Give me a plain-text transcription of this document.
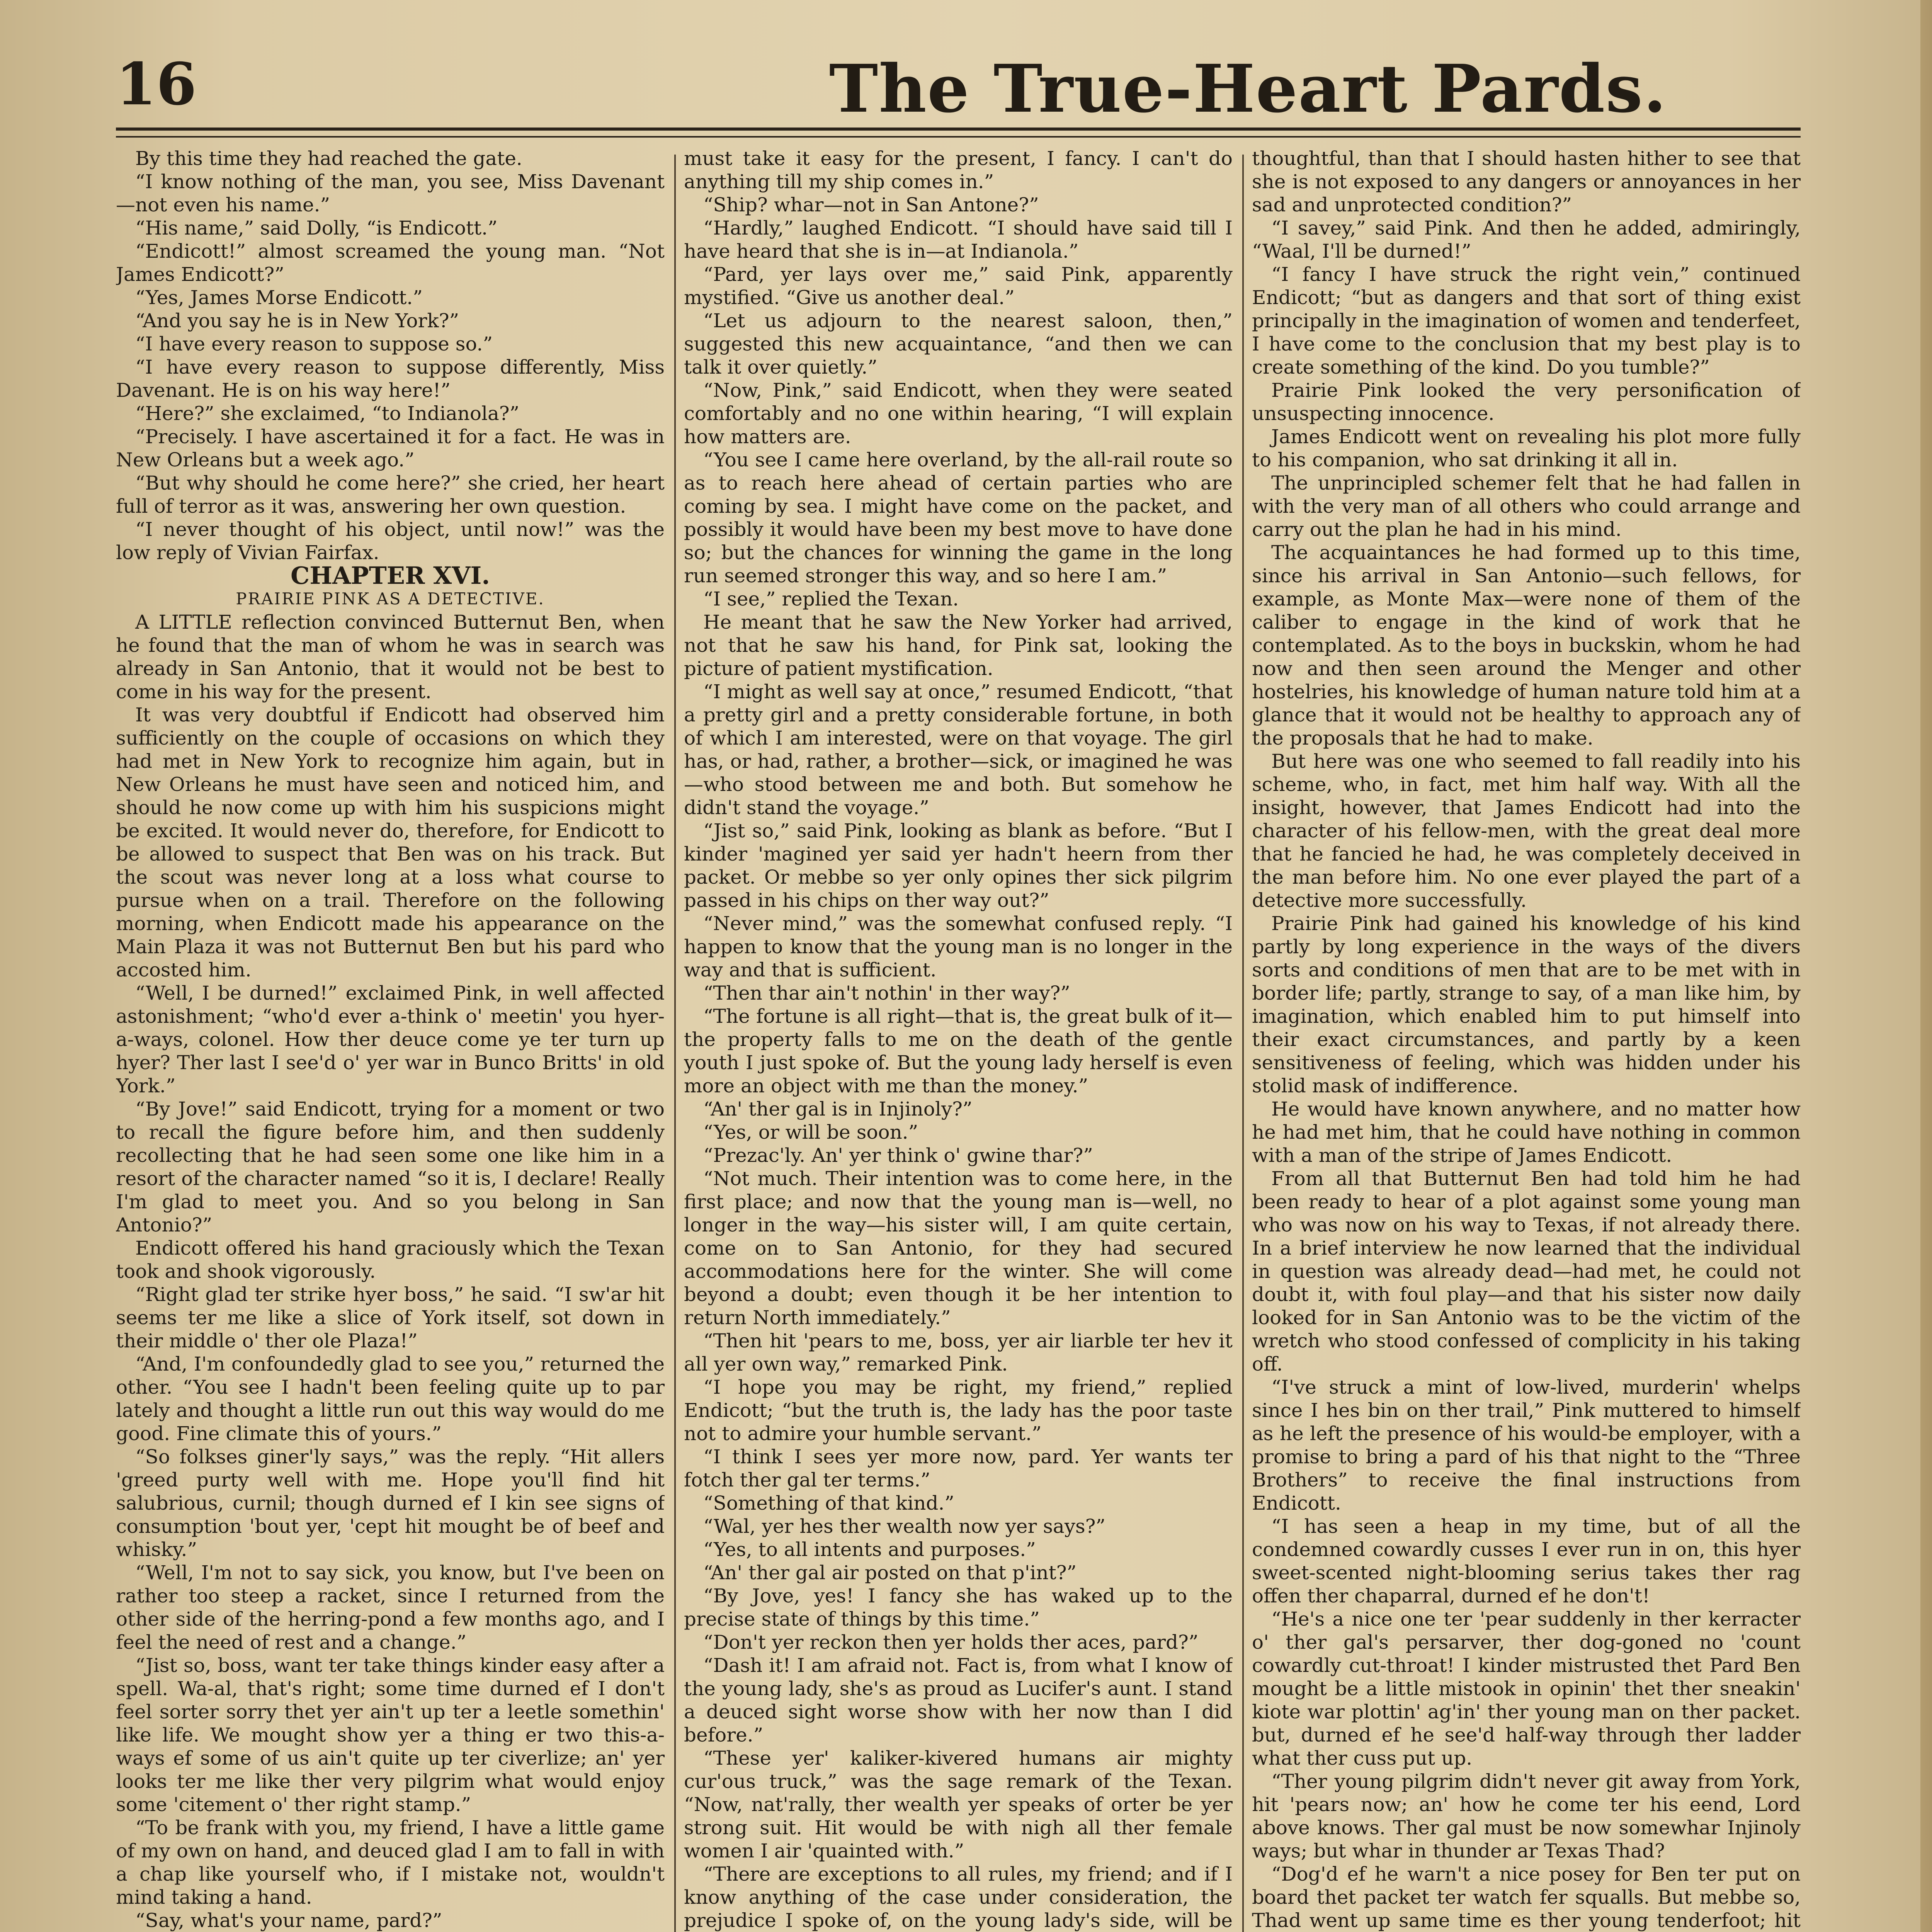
16	The True-Heart Pards.

By this time they had reached the gate.

“I know nothing of the man, you see, Miss Davenant—not even his name.”

“His name,” said Dolly, “is Endicott.”

“Endicott!” almost screamed the young man. “Not James Endicott?”

“Yes, James Morse Endicott.”

“And you say he is in New York?”

“I have every reason to suppose so.”

“I have every reason to suppose differently, Miss Davenant. He is on his way here!”

“Here?” she exclaimed, “to Indianola?”

“Precisely. I have ascertained it for a fact. He was in New Orleans but a week ago.”

“But why should he come here?” she cried, her heart full of terror as it was, answering her own question.

“I never thought of his object, until now!” was the low reply of Vivian Fairfax.

CHAPTER XVI.

PRAIRIE PINK AS A DETECTIVE.

A LITTLE reflection convinced Butternut Ben, when he found that the man of whom he was in search was already in San Antonio, that it would not be best to come in his way for the present.

It was very doubtful if Endicott had observed him sufficiently on the couple of occasions on which they had met in New York to recognize him again, but in New Orleans he must have seen and noticed him, and should he now come up with him his suspicions might be excited. It would never do, therefore, for Endicott to be allowed to suspect that Ben was on his track. But the scout was never long at a loss what course to pursue when on a trail. Therefore on the following morning, when Endicott made his appearance on the Main Plaza it was not Butternut Ben but his pard who accosted him.

“Well, I be durned!” exclaimed Pink, in well affected astonishment; “who'd ever a-think o' meetin' you hyer-a-ways, colonel. How ther deuce come ye ter turn up hyer? Ther last I see'd o' yer war in Bunco Britts' in old York.”

“By Jove!” said Endicott, trying for a moment or two to recall the figure before him, and then suddenly recollecting that he had seen some one like him in a resort of the character named “so it is, I declare! Really I'm glad to meet you. And so you belong in San Antonio?”

Endicott offered his hand graciously which the Texan took and shook vigorously.

“Right glad ter strike hyer boss,” he said. “I sw'ar hit seems ter me like a slice of York itself, sot down in their middle o' ther ole Plaza!”

“And, I'm confoundedly glad to see you,” returned the other. “You see I hadn't been feeling quite up to par lately and thought a little run out this way would do me good. Fine climate this of yours.”

“So folkses giner'ly says,” was the reply. “Hit allers 'greed purty well with me. Hope you'll find hit salubrious, curnil; though durned ef I kin see signs of consumption 'bout yer, 'cept hit mought be of beef and whisky.”

“Well, I'm not to say sick, you know, but I've been on rather too steep a racket, since I returned from the other side of the herring-pond a few months ago, and I feel the need of rest and a change.”

“Jist so, boss, want ter take things kinder easy after a spell. Wa-al, that's right; some time durned ef I don't feel sorter sorry thet yer ain't up ter a leetle somethin' like life. We mought show yer a thing er two this-a-ways ef some of us ain't quite up ter civerlize; an' yer looks ter me like ther very pilgrim what would enjoy some 'citement o' ther right stamp.”

“To be frank with you, my friend, I have a little game of my own on hand, and deuced glad I am to fall in with a chap like yourself who, if I mistake not, wouldn't mind taking a hand.

“Say, what's your name, pard?”

must take it easy for the present, I fancy. I can't do anything till my ship comes in.”

“Ship? whar—not in San Antone?”

“Hardly,” laughed Endicott. “I should have said till I have heard that she is in—at Indianola.”

“Pard, yer lays over me,” said Pink, apparently mystified. “Give us another deal.”

“Let us adjourn to the nearest saloon, then,” suggested this new acquaintance, “and then we can talk it over quietly.”

“Now, Pink,” said Endicott, when they were seated comfortably and no one within hearing, “I will explain how matters are.

“You see I came here overland, by the all-rail route so as to reach here ahead of certain parties who are coming by sea. I might have come on the packet, and possibly it would have been my best move to have done so; but the chances for winning the game in the long run seemed stronger this way, and so here I am.”

“I see,” replied the Texan.

He meant that he saw the New Yorker had arrived, not that he saw his hand, for Pink sat, looking the picture of patient mystification.

“I might as well say at once,” resumed Endicott, “that a pretty girl and a pretty considerable fortune, in both of which I am interested, were on that voyage. The girl has, or had, rather, a brother—sick, or imagined he was—who stood between me and both. But somehow he didn't stand the voyage.”

“Jist so,” said Pink, looking as blank as before. “But I kinder 'magined yer said yer hadn't heern from ther packet. Or mebbe so yer only opines ther sick pilgrim passed in his chips on ther way out?”

“Never mind,” was the somewhat confused reply. “I happen to know that the young man is no longer in the way and that is sufficient.

“Then thar ain't nothin' in ther way?”

“The fortune is all right—that is, the great bulk of it—the property falls to me on the death of the gentle youth I just spoke of. But the young lady herself is even more an object with me than the money.”

“An' ther gal is in Injinoly?”

“Yes, or will be soon.”

“Prezac'ly. An' yer think o' gwine thar?”

“Not much. Their intention was to come here, in the first place; and now that the young man is—well, no longer in the way—his sister will, I am quite certain, come on to San Antonio, for they had secured accommodations here for the winter. She will come beyond a doubt; even though it be her intention to return North immediately.”

“Then hit 'pears to me, boss, yer air liarble ter hev it all yer own way,” remarked Pink.

“I hope you may be right, my friend,” replied Endicott; “but the truth is, the lady has the poor taste not to admire your humble servant.”

“I think I sees yer more now, pard. Yer wants ter fotch ther gal ter terms.”

“Something of that kind.”

“Wal, yer hes ther wealth now yer says?”

“Yes, to all intents and purposes.”

“An' ther gal air posted on that p'int?”

“By Jove, yes! I fancy she has waked up to the precise state of things by this time.”

“Don't yer reckon then yer holds ther aces, pard?”

“Dash it! I am afraid not. Fact is, from what I know of the young lady, she's as proud as Lucifer's aunt. I stand a deuced sight worse show with her now than I did before.”

“These yer' kaliker-kivered humans air mighty cur'ous truck,” was the sage remark of the Texan. “Now, nat'rally, ther wealth yer speaks of orter be yer strong suit. Hit would be with nigh all ther female women I air 'quainted with.”

“There are exceptions to all rules, my friend; and if I know anything of the case under consideration, the prejudice I spoke of, on the young lady's side, will be

thoughtful, than that I should hasten hither to see that she is not exposed to any dangers or annoyances in her sad and unprotected condition?”

“I savey,” said Pink. And then he added, admiringly, “Waal, I'll be durned!”

“I fancy I have struck the right vein,” continued Endicott; “but as dangers and that sort of thing exist principally in the imagination of women and tenderfeet, I have come to the conclusion that my best play is to create something of the kind. Do you tumble?”

Prairie Pink looked the very personification of unsuspecting innocence.

James Endicott went on revealing his plot more fully to his companion, who sat drinking it all in.

The unprincipled schemer felt that he had fallen in with the very man of all others who could arrange and carry out the plan he had in his mind.

The acquaintances he had formed up to this time, since his arrival in San Antonio—such fellows, for example, as Monte Max—were none of them of the caliber to engage in the kind of work that he contemplated. As to the boys in buckskin, whom he had now and then seen around the Menger and other hostelries, his knowledge of human nature told him at a glance that it would not be healthy to approach any of the proposals that he had to make.

But here was one who seemed to fall readily into his scheme, who, in fact, met him half way. With all the insight, however, that James Endicott had into the character of his fellow-men, with the great deal more that he fancied he had, he was completely deceived in the man before him. No one ever played the part of a detective more successfully.

Prairie Pink had gained his knowledge of his kind partly by long experience in the ways of the divers sorts and conditions of men that are to be met with in border life; partly, strange to say, of a man like him, by imagination, which enabled him to put himself into their exact circumstances, and partly by a keen sensitiveness of feeling, which was hidden under his stolid mask of indifference.

He would have known anywhere, and no matter how he had met him, that he could have nothing in common with a man of the stripe of James Endicott.

From all that Butternut Ben had told him he had been ready to hear of a plot against some young man who was now on his way to Texas, if not already there. In a brief interview he now learned that the individual in question was already dead—had met, he could not doubt it, with foul play—and that his sister now daily looked for in San Antonio was to be the victim of the wretch who stood confessed of complicity in his taking off.

“I've struck a mint of low-lived, murderin' whelps since I hes bin on ther trail,” Pink muttered to himself as he left the presence of his would-be employer, with a promise to bring a pard of his that night to the “Three Brothers” to receive the final instructions from Endicott.

“I has seen a heap in my time, but of all the condemned cowardly cusses I ever run in on, this hyer sweet-scented night-blooming serius takes ther rag offen ther chaparral, durned ef he don't!

“He's a nice one ter 'pear suddenly in ther kerracter o' ther gal's persarver, ther dog-goned no 'count cowardly cut-throat! I kinder mistrusted thet Pard Ben mought be a little mistook in opinin' thet ther sneakin' kiote war plottin' ag'in' ther young man on ther packet. but, durned ef he see'd half-way through ther ladder what ther cuss put up.

“Ther young pilgrim didn't never git away from York, hit 'pears now; an' how he come ter his eend, Lord above knows. Ther gal must be now somewhar Injinoly ways; but whar in thunder ar Texas Thad?

“Dog'd ef he warn't a nice posey for Ben ter put on board thet packet ter watch fer squalls. But mebbe so, Thad went up same time es ther young tenderfoot; hit
